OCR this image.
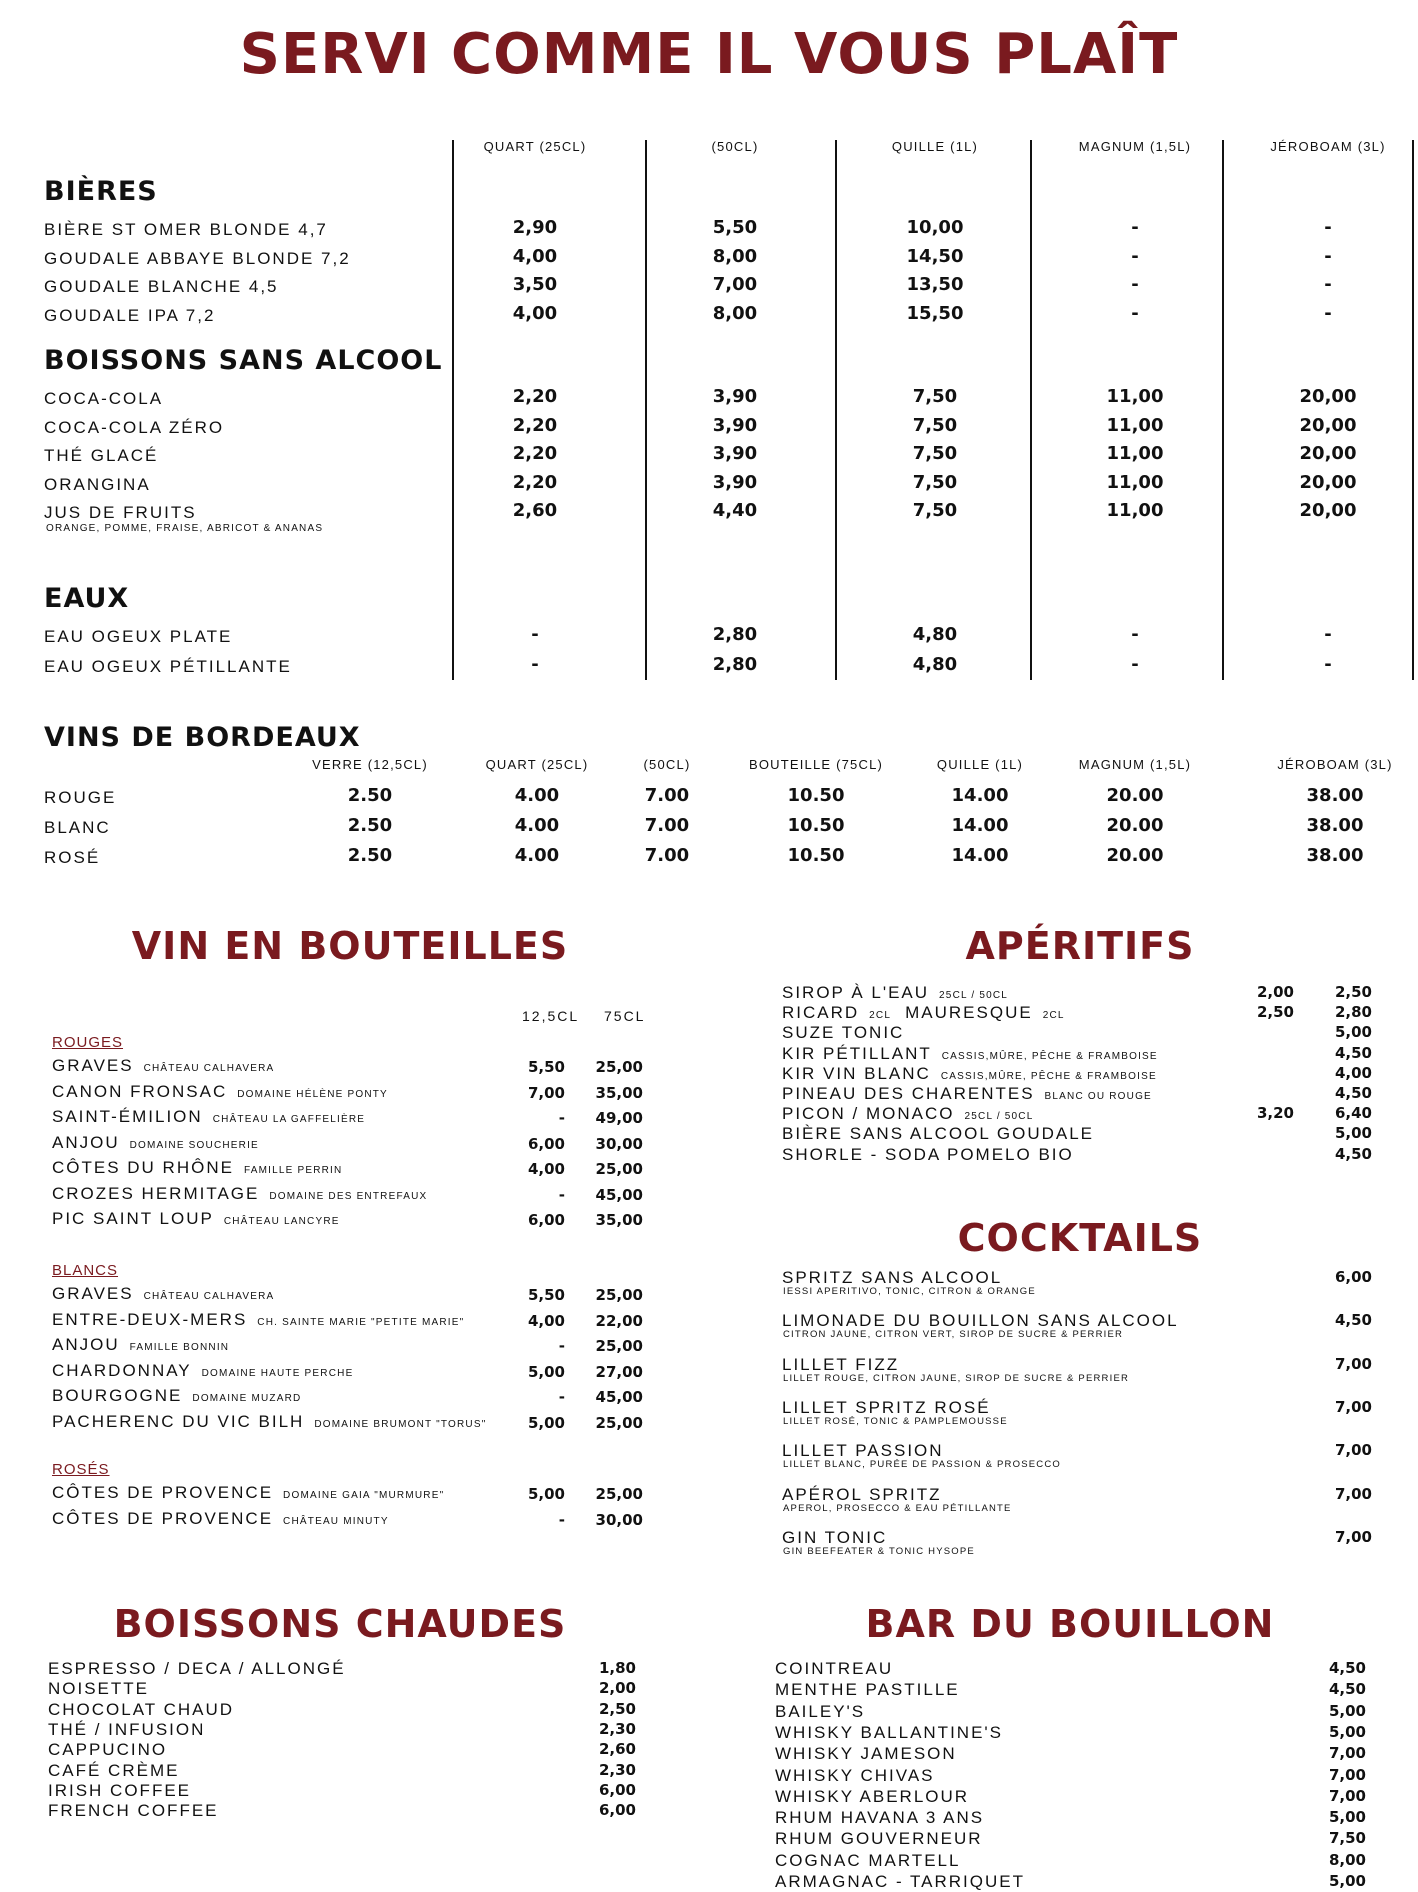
SERVI COMME IL VOUS PLAÎT
QUART (25CL)	(50CL)	QUILLE (1L)	MAGNUM (1,5L)	JÉROBOAM (3L)
BIÈRES
BIÈRE ST OMER BLONDE 4,7	2,90	5,50	10,00	-	-
GOUDALE ABBAYE BLONDE 7,2	4,00	8,00	14,50	-	-
GOUDALE BLANCHE 4,5	3,50	7,00	13,50	-	-
GOUDALE IPA 7,2	4,00	8,00	15,50	-	-
BOISSONS SANS ALCOOL
COCA-COLA	2,20	3,90	7,50	11,00	20,00
COCA-COLA ZÉRO	2,20	3,90	7,50	11,00	20,00
THÉ GLACÉ	2,20	3,90	7,50	11,00	20,00
ORANGINA	2,20	3,90	7,50	11,00	20,00
JUS DE FRUITS	2,60	4,40	7,50	11,00	20,00
ORANGE, POMME, FRAISE, ABRICOT & ANANAS
EAUX
EAU OGEUX PLATE	-	2,80	4,80	-	-
EAU OGEUX PÉTILLANTE	-	2,80	4,80	-	-
VINS DE BORDEAUX
VERRE (12,5CL)	QUART (25CL)	(50CL)	BOUTEILLE (75CL)	QUILLE (1L)	MAGNUM (1,5L)	JÉROBOAM (3L)
ROUGE	2.50	4.00	7.00	10.50	14.00	20.00	38.00
BLANC	2.50	4.00	7.00	10.50	14.00	20.00	38.00
ROSÉ	2.50	4.00	7.00	10.50	14.00	20.00	38.00
VIN EN BOUTEILLES
12,5CL 75CL
ROUGES
GRAVES CHÂTEAU CALHAVERA	5,50	25,00
CANON FRONSAC DOMAINE HÉLÈNE PONTY	7,00	35,00
SAINT-ÉMILION CHÂTEAU LA GAFFELIÈRE	-	49,00
ANJOU DOMAINE SOUCHERIE	6,00	30,00
CÔTES DU RHÔNE FAMILLE PERRIN	4,00	25,00
CROZES HERMITAGE DOMAINE DES ENTREFAUX	-	45,00
PIC SAINT LOUP CHÂTEAU LANCYRE	6,00	35,00
BLANCS
GRAVES CHÂTEAU CALHAVERA	5,50	25,00
ENTRE-DEUX-MERS CH. SAINTE MARIE "PETITE MARIE"	4,00	22,00
ANJOU FAMILLE BONNIN	-	25,00
CHARDONNAY DOMAINE HAUTE PERCHE	5,00	27,00
BOURGOGNE DOMAINE MUZARD	-	45,00
PACHERENC DU VIC BILH DOMAINE BRUMONT "TORUS"	5,00	25,00
ROSÉS
CÔTES DE PROVENCE DOMAINE GAIA "MURMURE"	5,00	25,00
CÔTES DE PROVENCE CHÂTEAU MINUTY	-	30,00
APÉRITIFS
SIROP À L'EAU 25CL / 50CL	2,00	2,50
RICARD 2CL MAURESQUE 2CL	2,50	2,80
SUZE TONIC	5,00
KIR PÉTILLANT CASSIS,MÛRE, PÊCHE & FRAMBOISE	4,50
KIR VIN BLANC CASSIS,MÛRE, PÊCHE & FRAMBOISE	4,00
PINEAU DES CHARENTES BLANC OU ROUGE	4,50
PICON / MONACO 25CL / 50CL	3,20	6,40
BIÈRE SANS ALCOOL GOUDALE	5,00
SHORLE - SODA POMELO BIO	4,50
COCKTAILS
SPRITZ SANS ALCOOL
IESSI APERITIVO, TONIC, CITRON & ORANGE
6,00
LIMONADE DU BOUILLON SANS ALCOOL
CITRON JAUNE, CITRON VERT, SIROP DE SUCRE & PERRIER
4,50
LILLET FIZZ
LILLET ROUGE, CITRON JAUNE, SIROP DE SUCRE & PERRIER
7,00
LILLET SPRITZ ROSÉ
LILLET ROSÉ, TONIC & PAMPLEMOUSSE
7,00
LILLET PASSION
LILLET BLANC, PURÉE DE PASSION & PROSECCO
7,00
APÉROL SPRITZ
APEROL, PROSECCO & EAU PÉTILLANTE
7,00
GIN TONIC
GIN BEEFEATER & TONIC HYSOPE
7,00
BOISSONS CHAUDES
ESPRESSO / DECA / ALLONGÉ	1,80
NOISETTE	2,00
CHOCOLAT CHAUD	2,50
THÉ / INFUSION	2,30
CAPPUCINO	2,60
CAFÉ CRÈME	2,30
IRISH COFFEE	6,00
FRENCH COFFEE	6,00
BAR DU BOUILLON
COINTREAU	4,50
MENTHE PASTILLE	4,50
BAILEY'S	5,00
WHISKY BALLANTINE'S	5,00
WHISKY JAMESON	7,00
WHISKY CHIVAS	7,00
WHISKY ABERLOUR	7,00
RHUM HAVANA 3 ANS	5,00
RHUM GOUVERNEUR	7,50
COGNAC MARTELL	8,00
ARMAGNAC - TARRIQUET	5,00
